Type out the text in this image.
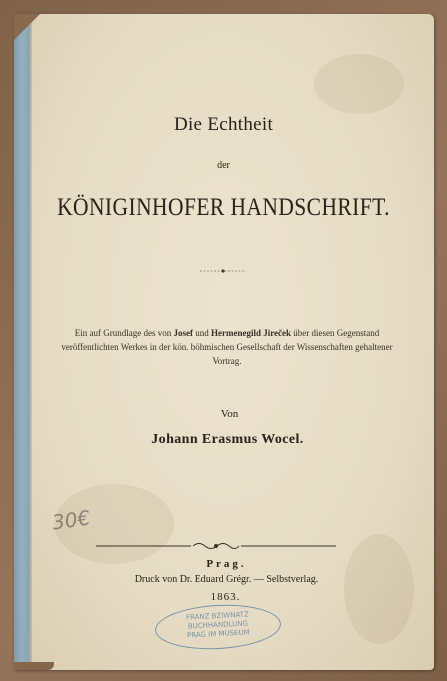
Die Echtheit
der
KÖNIGINHOFER HANDSCHRIFT.
Ein auf Grundlage des von Josef und Hermenegild Jireček über diesen Gegenstand veröffentlichten Werkes in der kön. böhmischen Gesellschaft der Wissenschaften gehaltener Vortrag.
Von
Johann Erasmus Wocel.
30€
Prag.
Druck von Dr. Eduard Grégr. — Selbstverlag.
1863.
FRANZ BZIWNATZ
BUCHHANDLUNG
PRAG IM MUSEUM
